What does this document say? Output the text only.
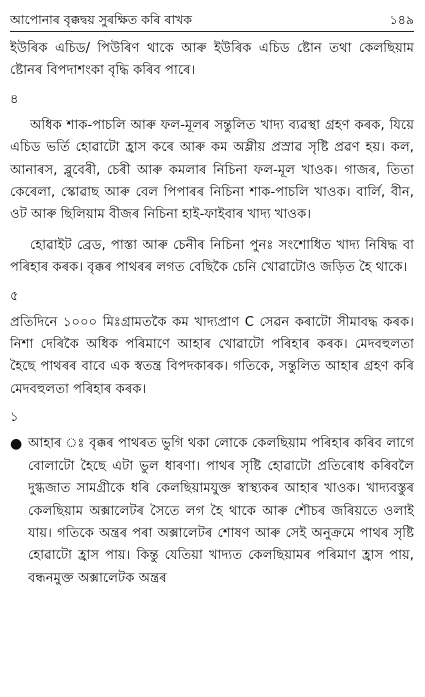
আপোনাৰ বৃক্কদ্বয় সুৰক্ষিত কৰি ৰাখক	১৪৯

ইউৰিক এচিড/ পিউৰিণ থাকে আৰু ইউৰিক এচিড ষ্টোন তথা কেলছিয়াম ষ্টোনৰ বিপদাশংকা বৃদ্ধি কৰিব পাৰে।

৪

অধিক শাক-পাচলি আৰু ফল-মূলৰ সন্তুলিত খাদ্য ব্যৱস্থা গ্ৰহণ কৰক, যিয়ে এচিড ভৰ্তি হোৱাটো হ্ৰাস কৰে আৰু কম অম্লীয় প্ৰস্ৰাৱ সৃষ্টি প্ৰৱণ হয়। কল, আনাৰস, ব্লুবেৰী, চেৰী আৰু কমলাৰ নিচিনা ফল-মূল খাওক। গাজৰ, তিতা কেৰেলা, স্কোৱাছ আৰু বেল পিপাৰৰ নিচিনা শাক-পাচলি খাওক। বাৰ্লি, বীন, ওট আৰু ছিলিয়াম বীজৰ নিচিনা হাই-ফাইবাৰ খাদ্য খাওক।

হোৱাইট ব্ৰেড, পাস্তা আৰু চেনীৰ নিচিনা পুনঃ সংশোধিত খাদ্য নিষিদ্ধ বা পৰিহাৰ কৰক। বৃক্কৰ পাথৰৰ লগত বেছিকৈ চেনি খোৱাটোও জড়িত হৈ থাকে।

৫

প্ৰতিদিনে ১০০০ মিঃগ্ৰামতকৈ কম খাদ্যপ্ৰাণ C সেৱন কৰাটো সীমাবদ্ধ কৰক। নিশা দেৰিকৈ অধিক পৰিমাণে আহাৰ খোৱাটো পৰিহাৰ কৰক। মেদবহুলতা হৈছে পাথৰৰ বাবে এক স্বতন্ত্ৰ বিপদকাৰক। গতিকে, সন্তুলিত আহাৰ গ্ৰহণ কৰি মেদবহুলতা পৰিহাৰ কৰক।

১
● আহাৰ ঃ বৃক্কৰ পাথৰত ভুগি থকা লোকে কেলছিয়াম পৰিহাৰ কৰিব লাগে বোলাটো হৈছে এটা ভুল ধাৰণা। পাথৰ সৃষ্টি হোৱাটো প্ৰতিৰোধ কৰিবলৈ দুগ্ধজাত সামগ্ৰীকে ধৰি কেলছিয়ামযুক্ত স্বাস্থ্যকৰ আহাৰ খাওক। খাদ্যবস্তুৰ কেলছিয়াম অক্সালেটৰ সৈতে লগ হৈ থাকে আৰু শৌচৰ জৰিয়তে ওলাই যায়। গতিকে অন্ত্ৰৰ পৰা অক্সালেটৰ শোষণ আৰু সেই অনুক্ৰমে পাথৰ সৃষ্টি হোৱাটো হ্ৰাস পায়। কিন্তু যেতিয়া খাদ্যত কেলছিয়ামৰ পৰিমাণ হ্ৰাস পায়, বন্ধনমুক্ত অক্সালেটক অন্ত্ৰৰ
